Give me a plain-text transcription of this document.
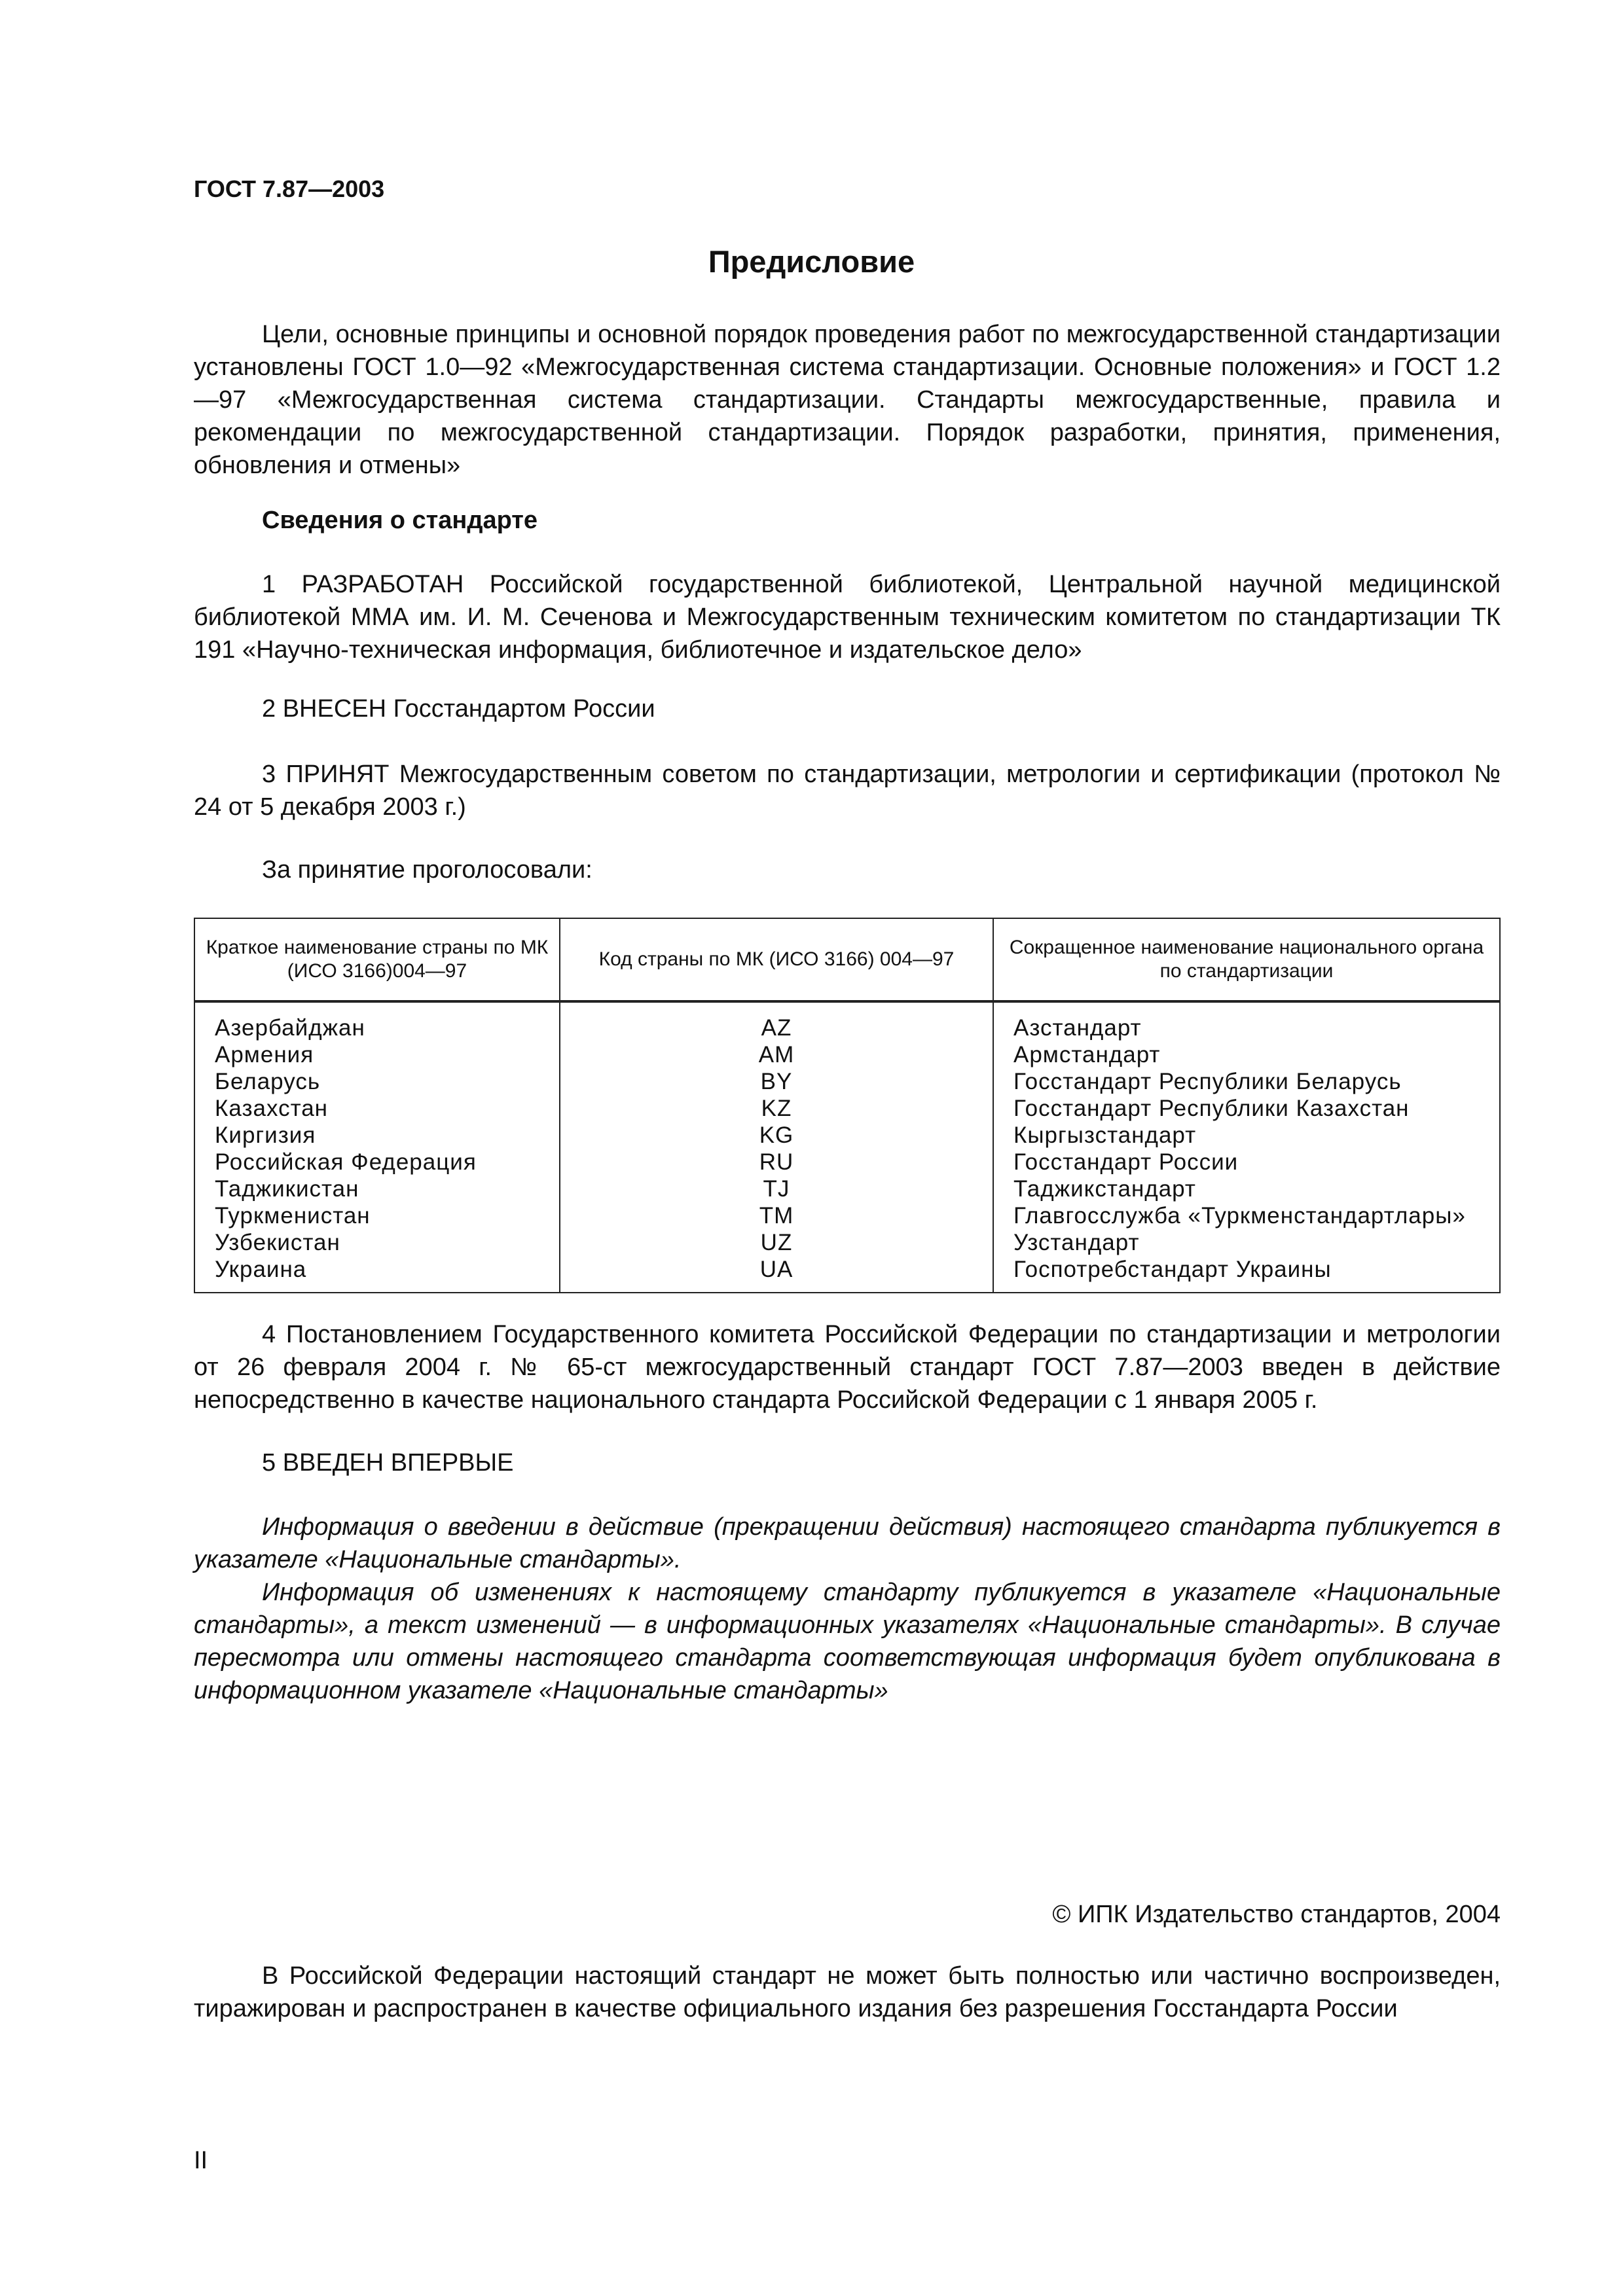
ГОСТ 7.87—2003
Предисловие

Цели, основные принципы и основной порядок проведения работ по межгосударственной стандартизации установлены ГОСТ 1.0—92 «Межгосударственная система стандартизации. Основные положения» и ГОСТ 1.2—97 «Межгосударственная система стандартизации. Стандарты межгосударственные, правила и рекомендации по межгосударственной стандартизации. Порядок разработки, принятия, применения, обновления и отмены»

Сведения о стандарте

1 РАЗРАБОТАН Российской государственной библиотекой, Центральной научной медицинской библиотекой ММА им. И. М. Сеченова и Межгосударственным техническим комитетом по стандартизации ТК 191 «Научно-техническая информация, библиотечное и издательское дело»

2 ВНЕСЕН Госстандартом России

3 ПРИНЯТ Межгосударственным советом по стандартизации, метрологии и сертификации (протокол № 24 от 5 декабря 2003 г.)

За принятие проголосовали:

Краткое наименование страны по МК (ИСО 3166)004—97	Код страны по МК (ИСО 3166) 004—97	Сокращенное наименование национального органа по стандартизации
Азербайджан	AZ	Азстандарт
Армения	AM	Армстандарт
Беларусь	BY	Госстандарт Республики Беларусь
Казахстан	KZ	Госстандарт Республики Казахстан
Киргизия	KG	Кыргызстандарт
Российская Федерация	RU	Госстандарт России
Таджикистан	TJ	Таджикстандарт
Туркменистан	TM	Главгосслужба «Туркменстандартлары»
Узбекистан	UZ	Узстандарт
Украина	UA	Госпотребстандарт Украины

4 Постановлением Государственного комитета Российской Федерации по стандартизации и метрологии от 26 февраля 2004 г. № 65-ст межгосударственный стандарт ГОСТ 7.87—2003 введен в действие непосредственно в качестве национального стандарта Российской Федерации с 1 января 2005 г.

5 ВВЕДЕН ВПЕРВЫЕ

Информация о введении в действие (прекращении действия) настоящего стандарта публикуется в указателе «Национальные стандарты».

Информация об изменениях к настоящему стандарту публикуется в указателе «Национальные стандарты», а текст изменений — в информационных указателях «Национальные стандарты». В случае пересмотра или отмены настоящего стандарта соответствующая информация будет опубликована в информационном указателе «Национальные стандарты»

© ИПК Издательство стандартов, 2004

В Российской Федерации настоящий стандарт не может быть полностью или частично воспроизведен, тиражирован и распространен в качестве официального издания без разрешения Госстандарта России

II
